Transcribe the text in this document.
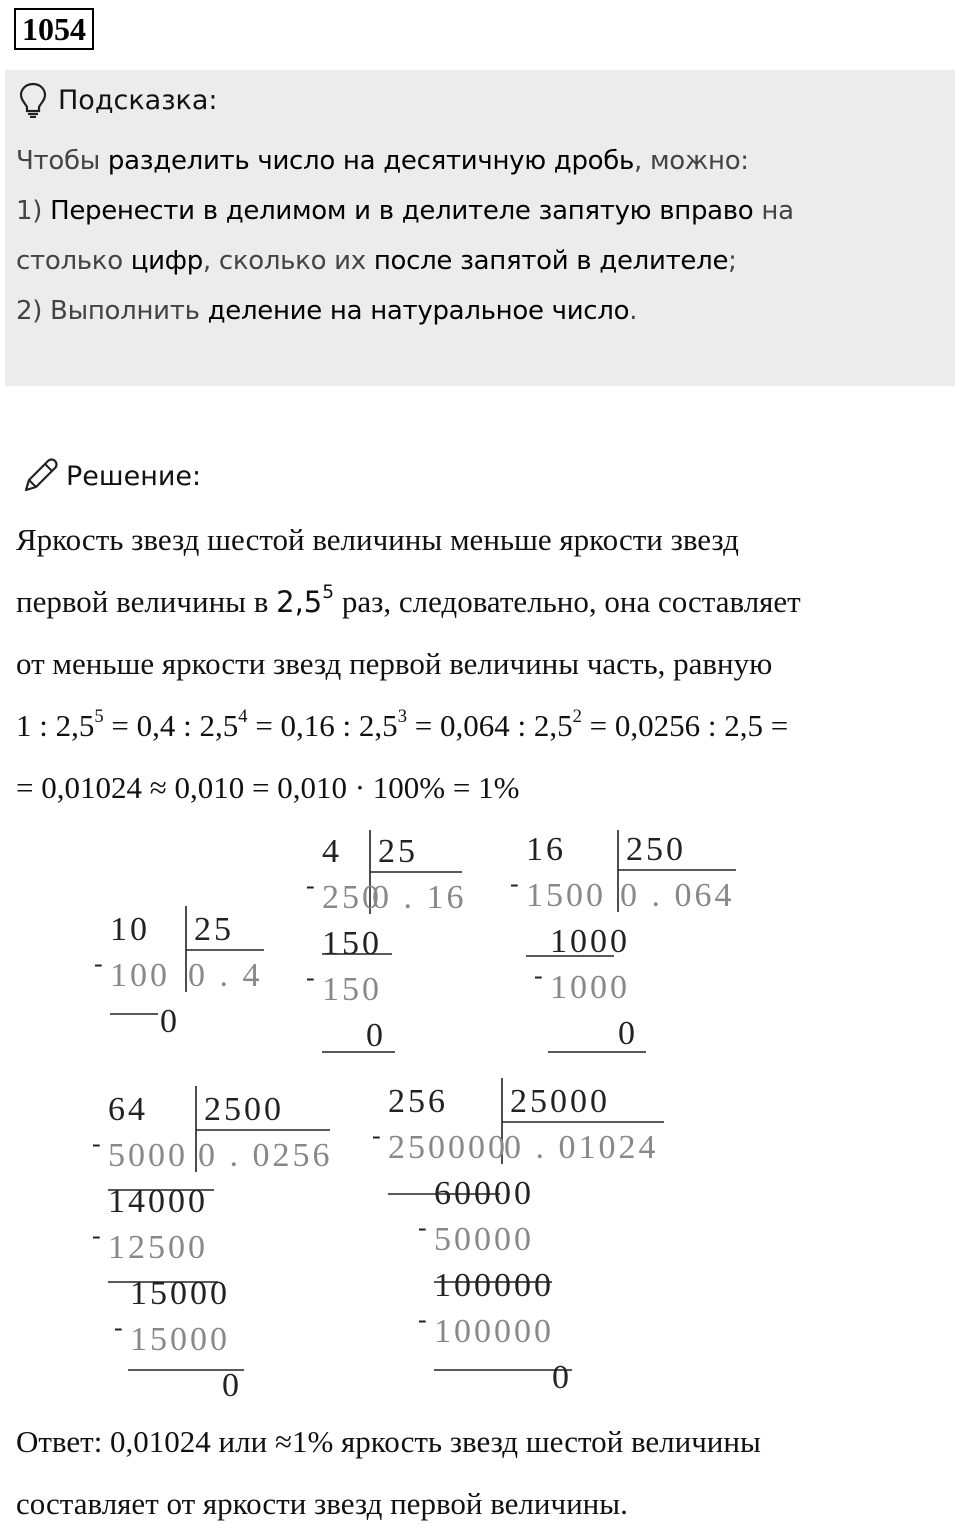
1054
Подсказка:
Чтобы разделить число на десятичную дробь, можно:
1) Перенести в делимом и в делителе запятую вправо на
столько цифр, сколько их после запятой в делителе;
2) Выполнить деление на натуральное число.
Решение:
Яркость звезд шестой величины меньше яркости звезд
первой величины в $2,5^5$ раз, следовательно, она составляет
от меньше яркости звезд первой величины часть, равную
1 : $2,5^5 = 0,4$ : $2,5^4 = 0,16$ : $2,5^3 = 0,064$ : $2,5^2 = 0,0256$ : 2,5 =
= 0,01024 ≈ 0,010 = 0,010 · 100% = 1%
25
0 . 4
10
100
-
0
25
0 . 16
4
250
-
150
150
-
0
250
0 . 064
16
1500
-
1000
1000
-
0
2500
0 . 0256
64
5000
-
14000
12500
-
15000
15000
-
0
25000
0 . 01024
256
250000
-
60000
50000
-
100000
100000
-
0
Ответ: 0,01024 или ≈1% яркость звезд шестой величины
составляет от яркости звезд первой величины.
